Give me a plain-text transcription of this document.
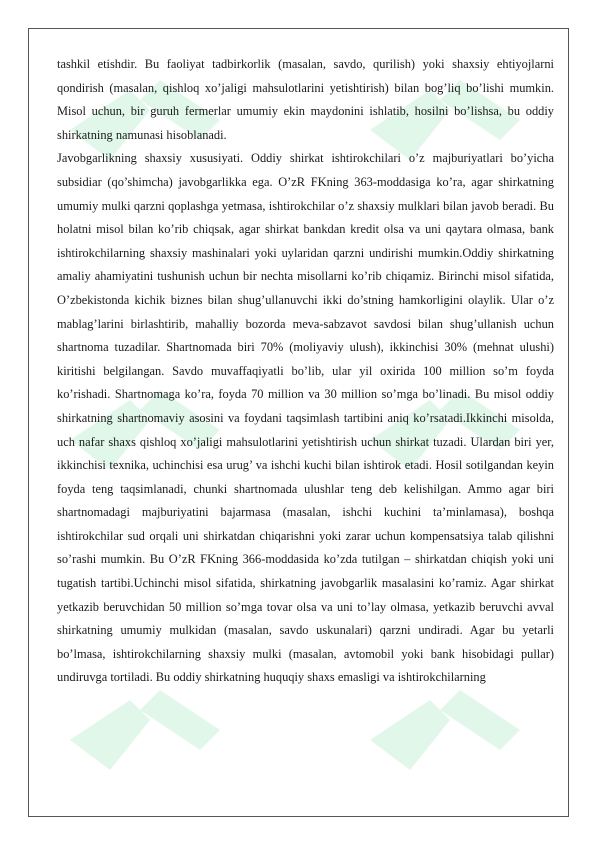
tashkil etishdir. Bu faoliyat tadbirkorlik (masalan, savdo, qurilish) yoki shaxsiy ehtiyojlarni qondirish (masalan, qishloq xo’jaligi mahsulotlarini yetishtirish) bilan bog’liq bo’lishi mumkin. Misol uchun, bir guruh fermerlar umumiy ekin maydonini ishlatib, hosilni bo’lishsa, bu oddiy shirkatning namunasi hisoblanadi.

Javobgarlikning shaxsiy xususiyati. Oddiy shirkat ishtirokchilari o’z majburiyatlari bo’yicha subsidiar (qo’shimcha) javobgarlikka ega. O’zR FKning 363-moddasiga ko’ra, agar shirkatning umumiy mulki qarzni qoplashga yetmasa, ishtirokchilar o’z shaxsiy mulklari bilan javob beradi. Bu holatni misol bilan ko’rib chiqsak, agar shirkat bankdan kredit olsa va uni qaytara olmasa, bank ishtirokchilarning shaxsiy mashinalari yoki uylaridan qarzni undirishi mumkin.Oddiy shirkatning amaliy ahamiyatini tushunish uchun bir nechta misollarni ko’rib chiqamiz. Birinchi misol sifatida, O’zbekistonda kichik biznes bilan shug’ullanuvchi ikki do’stning hamkorligini olaylik. Ular o’z mablag’larini birlashtirib, mahalliy bozorda meva-sabzavot savdosi bilan shug’ullanish uchun shartnoma tuzadilar. Shartnomada biri 70% (moliyaviy ulush), ikkinchisi 30% (mehnat ulushi) kiritishi belgilangan. Savdo muvaffaqiyatli bo’lib, ular yil oxirida 100 million so’m foyda ko’rishadi. Shartnomaga ko’ra, foyda 70 million va 30 million so’mga bo’linadi. Bu misol oddiy shirkatning shartnomaviy asosini va foydani taqsimlash tartibini aniq ko’rsatadi.Ikkinchi misolda, uch nafar shaxs qishloq xo’jaligi mahsulotlarini yetishtirish uchun shirkat tuzadi. Ulardan biri yer, ikkinchisi texnika, uchinchisi esa urug’ va ishchi kuchi bilan ishtirok etadi. Hosil sotilgandan keyin foyda teng taqsimlanadi, chunki shartnomada ulushlar teng deb kelishilgan. Ammo agar biri shartnomadagi majburiyatini bajarmasa (masalan, ishchi kuchini ta’minlamasa), boshqa ishtirokchilar sud orqali uni shirkatdan chiqarishni yoki zarar uchun kompensatsiya talab qilishni so’rashi mumkin. Bu O’zR FKning 366-moddasida ko’zda tutilgan – shirkatdan chiqish yoki uni tugatish tartibi.Uchinchi misol sifatida, shirkatning javobgarlik masalasini ko’ramiz. Agar shirkat yetkazib beruvchidan 50 million so’mga tovar olsa va uni to’lay olmasa, yetkazib beruvchi avval shirkatning umumiy mulkidan (masalan, savdo uskunalari) qarzni undiradi. Agar bu yetarli bo’lmasa, ishtirokchilarning shaxsiy mulki (masalan, avtomobil yoki bank hisobidagi pullar) undiruvga tortiladi. Bu oddiy shirkatning huquqiy shaxs emasligi va ishtirokchilarning
